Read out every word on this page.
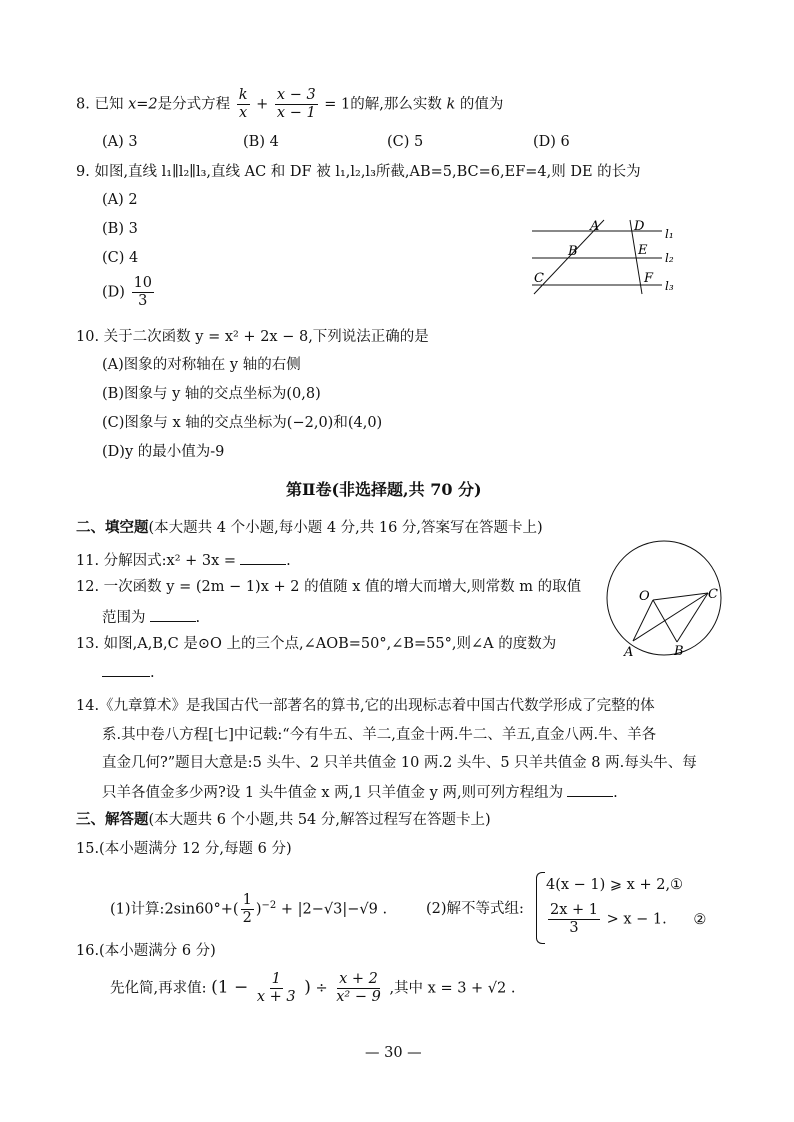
8. 已知 x=2是分式方程 $\frac{k}{x} + \frac{x - 3}{x - 1} = 1$的解,那么实数 k 的值为
(A) 3	(B) 4	(C) 5	(D) 6
9. 如图,直线 l₁∥l₂∥l₃,直线 AC 和 DF 被 l₁,l₂,l₃所截,AB=5,BC=6,EF=4,则 DE 的长为
(A) 2
(B) 3
(C) 4
$(D) \frac{10}{3}$
A	D
B	E
C	F
l₁
l₂
l₃
10. 关于二次函数 y = x² + 2x − 8,下列说法正确的是
(A)图象的对称轴在 y 轴的右侧
(B)图象与 y 轴的交点坐标为(0,8)
(C)图象与 x 轴的交点坐标为(−2,0)和(4,0)
(D)y 的最小值为-9
第Ⅱ卷(非选择题,共 70 分)
二、填空题(本大题共 4 个小题,每小题 4 分,共 16 分,答案写在答题卡上)
11. 分解因式:x² + 3x =	.
12. 一次函数 y = (2m − 1)x + 2 的值随 x 值的增大而增大,则常数 m 的取值
范围为	.
13. 如图,A,B,C 是⊙O 上的三个点,∠AOB=50°,∠B=55°,则∠A 的度数为
.
O	C
A	B
14.《九章算术》是我国古代一部著名的算书,它的出现标志着中国古代数学形成了完整的体
系.其中卷八方程[七]中记载:“今有牛五、羊二,直金十两.牛二、羊五,直金八两.牛、羊各
直金几何?”题目大意是:5 头牛、2 只羊共值金 10 两.2 头牛、5 只羊共值金 8 两.每头牛、每
只羊各值金多少两?设 1 头牛值金 x 两,1 只羊值金 y 两,则可列方程组为	.
三、解答题(本大题共 6 个小题,共 54 分,解答过程写在答题卡上)
15.(本小题满分 12 分,每题 6 分)
(1)计算:2sin60°+( $\frac{1}{2} )^{-2} + |2-√3|-√9$ .	(2)解不等式组:
4(x − 1) ⩾ x + 2,①
$\frac{2x + 1}{3} > x - 1$. ②
16.(本小题满分 6 分)
先化简,再求值: ($1 - \frac{1}{x + 3}$ ) ÷ $\frac{x + 2}{\text{x² − 9}}$ ,其中 x = 3 + √2 .
— 30 —
